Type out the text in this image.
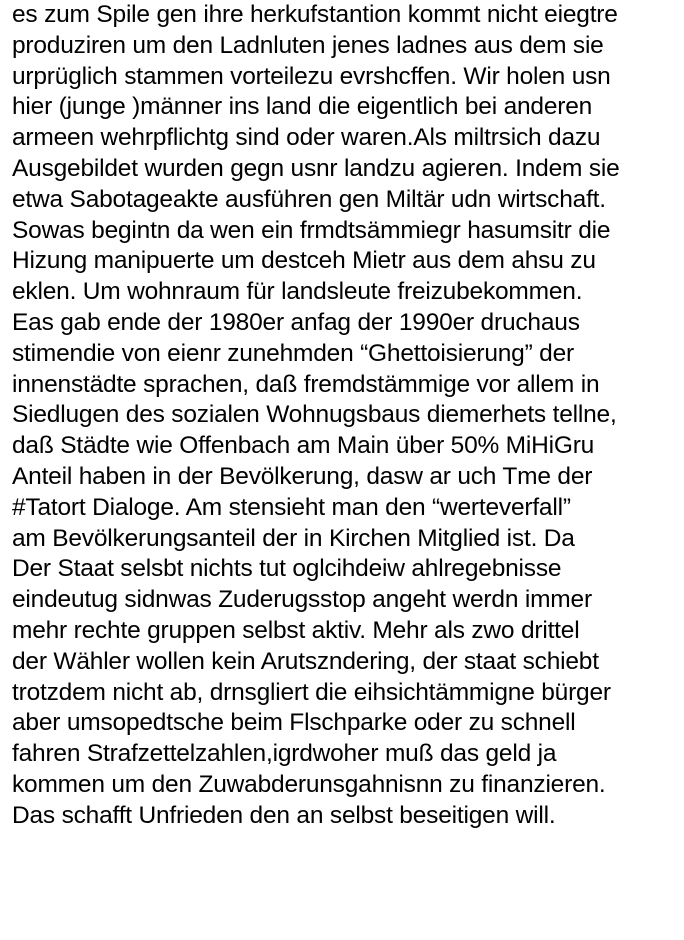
es zum Spile gen ihre herkufstantion kommt nicht eiegtre
produziren um den Ladnluten jenes ladnes aus dem sie
urprüglich stammen vorteilezu evrshcffen. Wir holen usn
hier (junge )männer ins land die eigentlich bei anderen
armeen wehrpflichtg sind oder waren.Als miltrsich dazu
Ausgebildet wurden gegn usnr landzu agieren. Indem sie
etwa Sabotageakte ausführen gen Miltär udn wirtschaft.
Sowas begintn da wen ein frmdtsämmiegr hasumsitr die
Hizung manipuerte um destceh Mietr aus dem ahsu zu
eklen. Um wohnraum für landsleute freizubekommen.
Eas gab ende der 1980er anfag der 1990er druchaus
stimendie von eienr zunehmden “Ghettoisierung” der
innenstädte sprachen, daß fremdstämmige vor allem in
Siedlugen des sozialen Wohnugsbaus diemerhets tellne,
daß Städte wie Offenbach am Main über 50% MiHiGru
Anteil haben in der Bevölkerung, dasw ar uch Tme der
#Tatort Dialoge. Am stensieht man den “werteverfall”
am Bevölkerungsanteil der in Kirchen Mitglied ist. Da
Der Staat selsbt nichts tut oglcihdeiw ahlregebnisse
eindeutug sidnwas Zuderugsstop angeht werdn immer
mehr rechte gruppen selbst aktiv. Mehr als zwo drittel
der Wähler wollen kein Arutszndering, der staat schiebt
trotzdem nicht ab, drnsgliert die eihsichtämmigne bürger
aber umsopedtsche beim Flschparke oder zu schnell
fahren Strafzettelzahlen,igrdwoher muß das geld ja
kommen um den Zuwabderunsgahnisnn zu finanzieren.
Das schafft Unfrieden den an selbst beseitigen will.
